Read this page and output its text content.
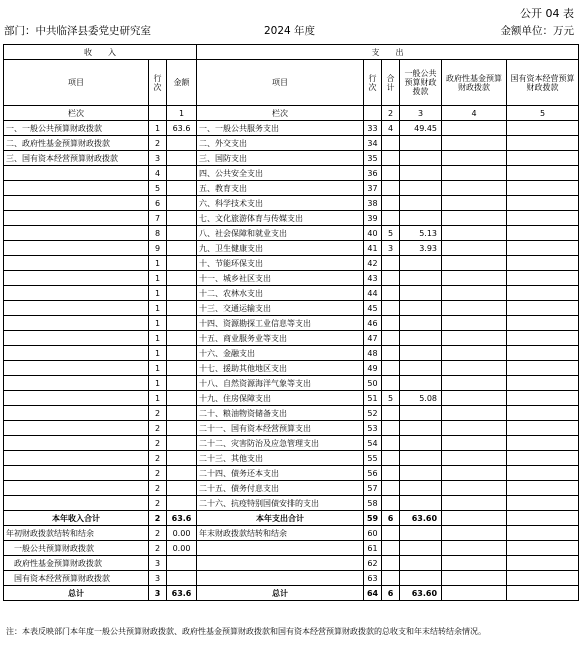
公开 04 表
部门：中共临泽县委党史研究室	2024 年度	金额单位：万元
收　　入			支　　出					
项目	行次	金额	项目	行次	合计	一般公共预算财政拨款	政府性基金预算财政拨款	国有资本经营预算财政拨款
栏次		1	栏次		2	3	4	5
一、一般公共预算财政拨款	1	63.6	一、一般公共服务支出	33	4	49.45		
二、政府性基金预算财政拨款	2		二、外交支出	34				
三、国有资本经营预算财政拨款	3		三、国防支出	35				
	4		四、公共安全支出	36				
	5		五、教育支出	37				
	6		六、科学技术支出	38				
	7		七、文化旅游体育与传媒支出	39				
	8		八、社会保障和就业支出	40	5	5.13		
	9		九、卫生健康支出	41	3	3.93		
	1		十、节能环保支出	42				
	1		十一、城乡社区支出	43				
	1		十二、农林水支出	44				
	1		十三、交通运输支出	45				
	1		十四、资源勘探工业信息等支出	46				
	1		十五、商业服务业等支出	47				
	1		十六、金融支出	48				
	1		十七、援助其他地区支出	49				
	1		十八、自然资源海洋气象等支出	50				
	1		十九、住房保障支出	51	5	5.08		
	2		二十、粮油物资储备支出	52				
	2		二十一、国有资本经营预算支出	53				
	2		二十二、灾害防治及应急管理支出	54				
	2		二十三、其他支出	55				
	2		二十四、债务还本支出	56				
	2		二十五、债务付息支出	57				
	2		二十六、抗疫特别国债安排的支出	58				
本年收入合计	2	63.6	本年支出合计	59	6	63.60		
年初财政拨款结转和结余	2	0.00	年末财政拨款结转和结余	60				
　一般公共预算财政拨款	2	0.00		61				
　政府性基金预算财政拨款	3			62				
　国有资本经营预算财政拨款	3			63				
总计	3	63.6	总计	64	6	63.60		
注：本表反映部门本年度一般公共预算财政拨款、政府性基金预算财政拨款和国有资本经营预算财政拨款的总收支和年末结转结余情况。
